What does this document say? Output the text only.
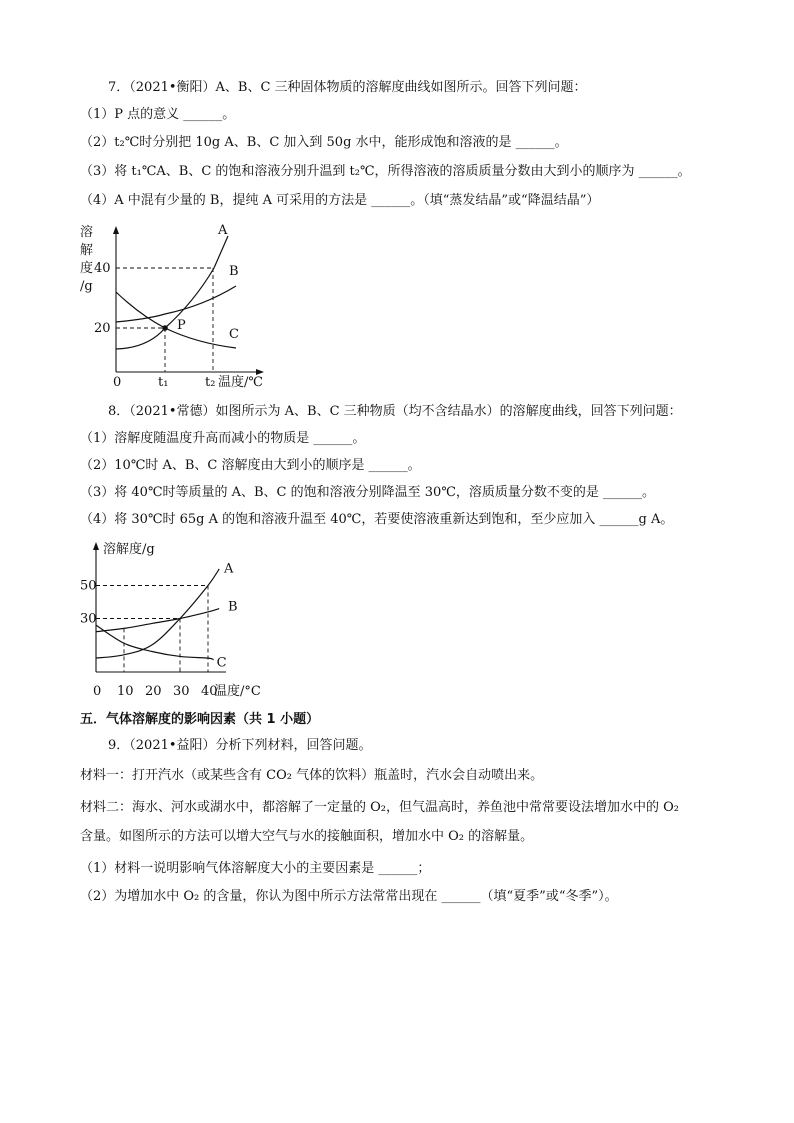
7．（2021•衡阳）A、B、C 三种固体物质的溶解度曲线如图所示。回答下列问题：
（1）P 点的意义 ______。
（2）t₂℃时分别把 10g A、B、C 加入到 50g 水中，能形成饱和溶液的是 ______。
（3）将 t₁℃A、B、C 的饱和溶液分别升温到 t₂℃，所得溶液的溶质质量分数由大到小的顺序为 ______。
（4）A 中混有少量的 B，提纯 A 可采用的方法是 ______。（填“蒸发结晶”或“降温结晶”）
溶
解
度
/g
A
B
C
P
40
20
0	t₁	t₂ 温度/℃
8．（2021•常德）如图所示为 A、B、C 三种物质（均不含结晶水）的溶解度曲线，回答下列问题：
（1）溶解度随温度升高而减小的物质是 ______。
（2）10℃时 A、B、C 溶解度由大到小的顺序是 ______。
（3）将 40℃时等质量的 A、B、C 的饱和溶液分别降温至 30℃，溶质质量分数不变的是 ______。
（4）将 30℃时 65g A 的饱和溶液升温至 40℃，若要使溶液重新达到饱和，至少应加入 ______g A。
溶解度/g
A
B
C
30
50
0 10 20 30 40
温度/°C
五．气体溶解度的影响因素（共 1 小题）
9．（2021•益阳）分析下列材料，回答问题。
材料一：打开汽水（或某些含有 CO₂ 气体的饮料）瓶盖时，汽水会自动喷出来。
材料二：海水、河水或湖水中，都溶解了一定量的 O₂，但气温高时，养鱼池中常常要设法增加水中的 O₂
含量。如图所示的方法可以增大空气与水的接触面积，增加水中 O₂ 的溶解量。
（1）材料一说明影响气体溶解度大小的主要因素是 ______；
（2）为增加水中 O₂ 的含量，你认为图中所示方法常常出现在 ______（填“夏季”或“冬季”）。
